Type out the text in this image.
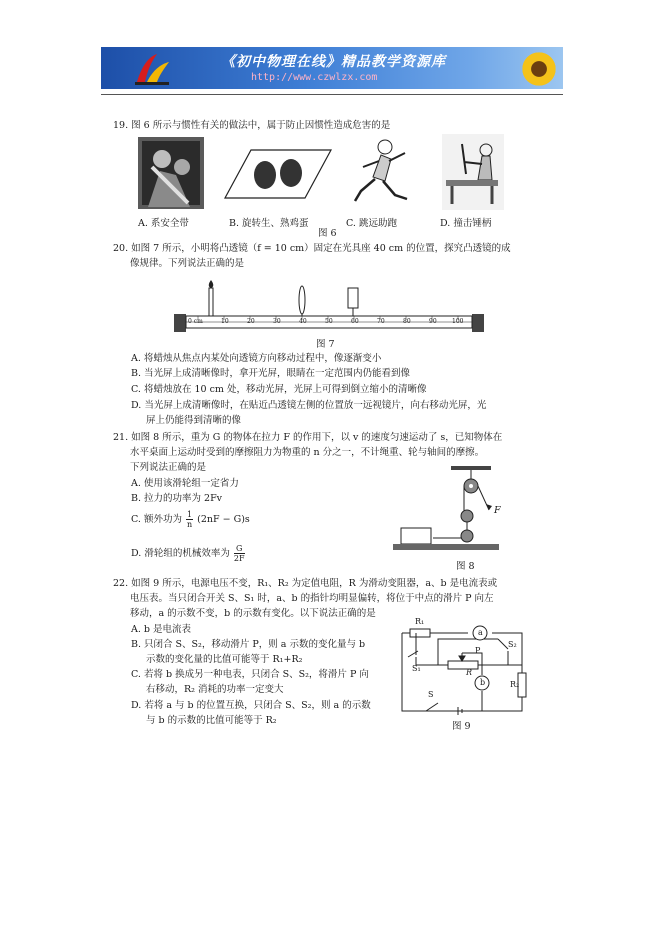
《初中物理在线》精品教学资源库
http://www.czwlzx.com
19. 图 6 所示与惯性有关的做法中，属于防止因惯性造成危害的是
A. 系安全带	B. 旋转生、熟鸡蛋	C. 跳远助跑	D. 撞击锤柄
图 6
20. 如图 7 所示，小明将凸透镜（f = 10 cm）固定在光具座 40 cm 的位置，探究凸透镜的成
像规律。下列说法正确的是
0 cm	10	20	30	40	50	60	70	80	90	100
图 7
A. 将蜡烛从焦点内某处向透镜方向移动过程中，像逐渐变小
B. 当光屏上成清晰像时，拿开光屏，眼睛在一定范围内仍能看到像
C. 将蜡烛放在 10 cm 处，移动光屏，光屏上可得到倒立缩小的清晰像
D. 当光屏上成清晰像时，在贴近凸透镜左侧的位置放一远视镜片，向右移动光屏，光
屏上仍能得到清晰的像
21. 如图 8 所示，重为 G 的物体在拉力 F 的作用下，以 v 的速度匀速运动了 s，已知物体在
水平桌面上运动时受到的摩擦阻力为物重的 n 分之一，不计绳重、轮与轴间的摩擦。
下列说法正确的是
A. 使用该滑轮组一定省力
B. 拉力的功率为 2Fv
C. 额外功为 $\frac{1}{n} (2nF - G)s$
D. 滑轮组的机械效率为 $\frac{G}{2F}$
F
图 8
22. 如图 9 所示，电源电压不变，R₁、R₂ 为定值电阻，R 为滑动变阻器，a、b 是电流表或
电压表。当只闭合开关 S、S₁ 时，a、b 的指针均明显偏转，将位于中点的滑片 P 向左
移动，a 的示数不变，b 的示数有变化。以下说法正确的是
A. b 是电流表
B. 只闭合 S、S₂，移动滑片 P，则 a 示数的变化量与 b
示数的变化量的比值可能等于 R₁+R₂
C. 若将 b 换成另一种电表，只闭合 S、S₂，将滑片 P 向
右移动，R₂ 消耗的功率一定变大
D. 若将 a 与 b 的位置互换，只闭合 S、S₂，则 a 的示数
与 b 的示数的比值可能等于 R₂
R₁
a
S₂
S₁
P
R
b	R₂
S
图 9
